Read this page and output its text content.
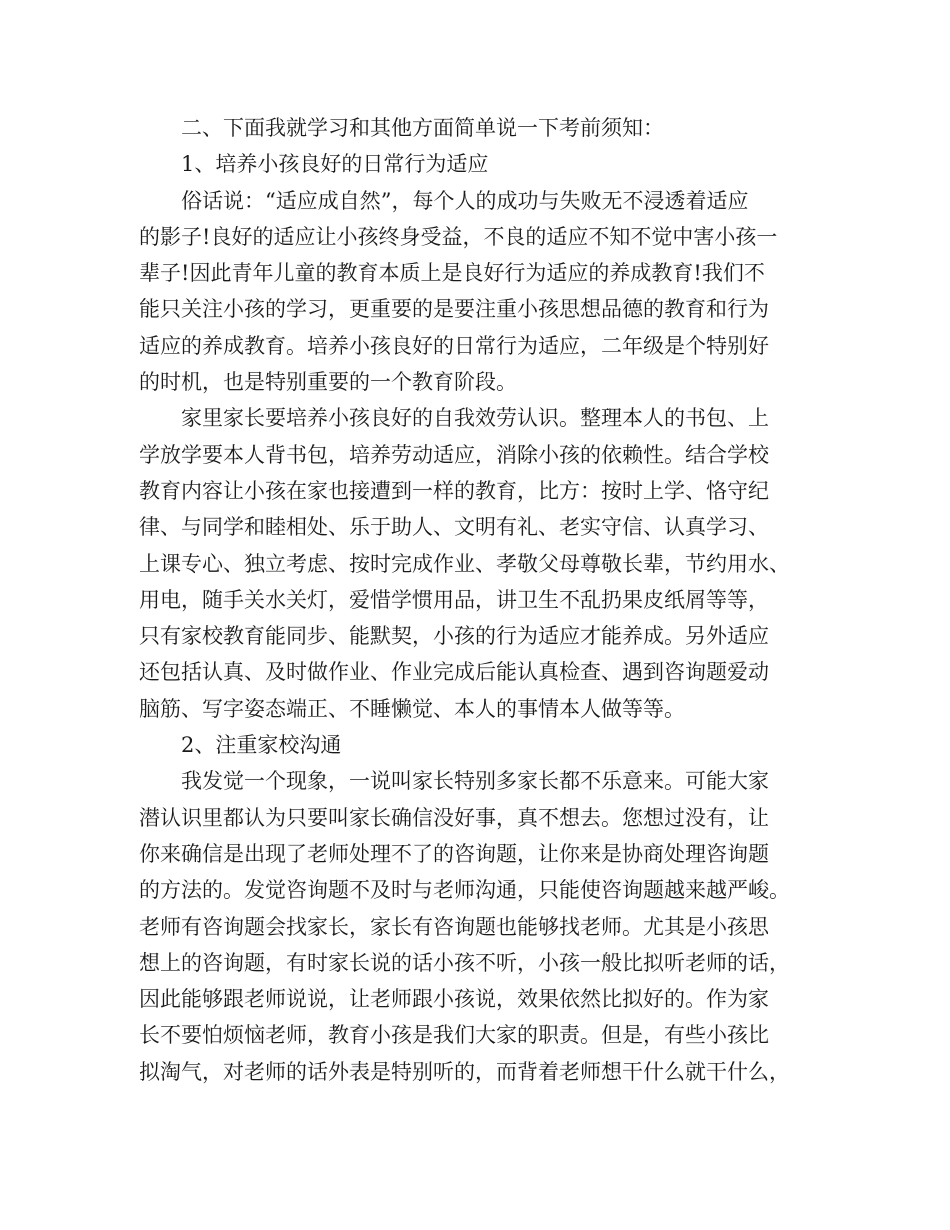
二、下面我就学习和其他方面简单说一下考前须知：
1、培养小孩良好的日常行为适应
俗话说：“适应成自然”，每个人的成功与失败无不浸透着适应
的影子!良好的适应让小孩终身受益，不良的适应不知不觉中害小孩一
辈子!因此青年儿童的教育本质上是良好行为适应的养成教育!我们不
能只关注小孩的学习，更重要的是要注重小孩思想品德的教育和行为
适应的养成教育。培养小孩良好的日常行为适应，二年级是个特别好
的时机，也是特别重要的一个教育阶段。
家里家长要培养小孩良好的自我效劳认识。整理本人的书包、上
学放学要本人背书包，培养劳动适应，消除小孩的依赖性。结合学校
教育内容让小孩在家也接遭到一样的教育，比方：按时上学、恪守纪
律、与同学和睦相处、乐于助人、文明有礼、老实守信、认真学习、
上课专心、独立考虑、按时完成作业、孝敬父母尊敬长辈，节约用水、
用电，随手关水关灯，爱惜学惯用品，讲卫生不乱扔果皮纸屑等等，
只有家校教育能同步、能默契，小孩的行为适应才能养成。另外适应
还包括认真、及时做作业、作业完成后能认真检查、遇到咨询题爱动
脑筋、写字姿态端正、不睡懒觉、本人的事情本人做等等。
2、注重家校沟通
我发觉一个现象，一说叫家长特别多家长都不乐意来。可能大家
潜认识里都认为只要叫家长确信没好事，真不想去。您想过没有，让
你来确信是出现了老师处理不了的咨询题，让你来是协商处理咨询题
的方法的。发觉咨询题不及时与老师沟通，只能使咨询题越来越严峻。
老师有咨询题会找家长，家长有咨询题也能够找老师。尤其是小孩思
想上的咨询题，有时家长说的话小孩不听，小孩一般比拟听老师的话，
因此能够跟老师说说，让老师跟小孩说，效果依然比拟好的。作为家
长不要怕烦恼老师，教育小孩是我们大家的职责。但是，有些小孩比
拟淘气，对老师的话外表是特别听的，而背着老师想干什么就干什么，
